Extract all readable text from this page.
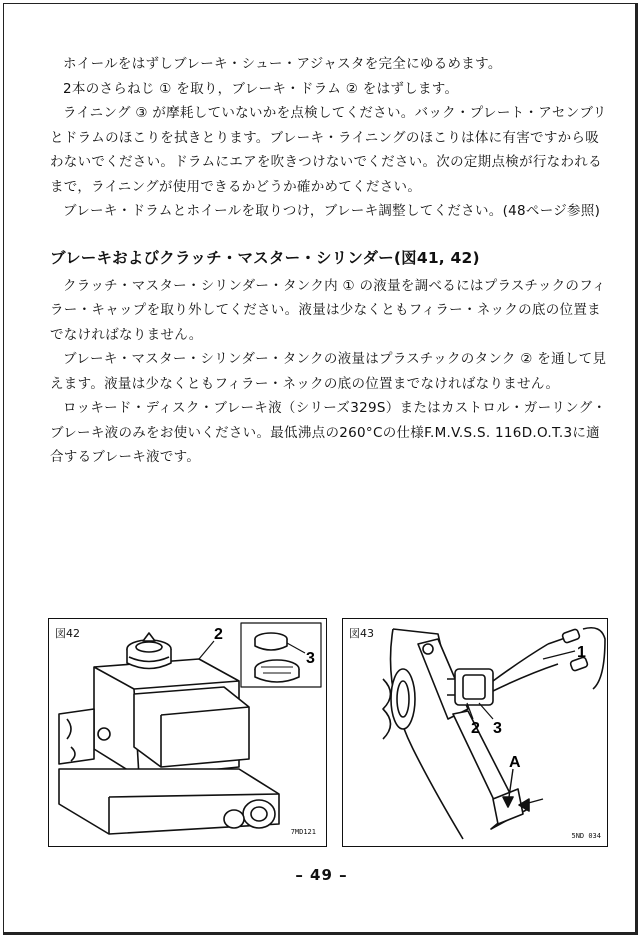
ホイールをはずしブレーキ・シュー・アジャスタを完全にゆるめます。

2本のさらねじ ① を取り，ブレーキ・ドラム ② をはずします。

ライニング ③ が摩耗していないかを点検してください。バック・プレート・アセンブリとドラムのほこりを拭きとります。ブレーキ・ライニングのほこりは体に有害ですから吸わないでください。ドラムにエアを吹きつけないでください。次の定期点検が行なわれるまで，ライニングが使用できるかどうか確かめてください。

ブレーキ・ドラムとホイールを取りつけ，ブレーキ調整してください。(48ページ参照)

ブレーキおよびクラッチ・マスター・シリンダー(図41, 42)

クラッチ・マスター・シリンダー・タンク内 ① の液量を調べるにはプラスチックのフィラー・キャップを取り外してください。液量は少なくともフィラー・ネックの底の位置までなければなりません。

ブレーキ・マスター・シリンダー・タンクの液量はプラスチックのタンク ② を通して見えます。液量は少なくともフィラー・ネックの底の位置までなければなりません。

ロッキード・ディスク・ブレーキ液（シリーズ329S）またはカストロル・ガーリング・ブレーキ液のみをお使いください。最低沸点の260°Cの仕様F.M.V.S.S. 116D.O.T.3に適合するブレーキ液です。

2
3
図42
7MD121
1
2 3
A
図43
5ND 034
– 49 –
